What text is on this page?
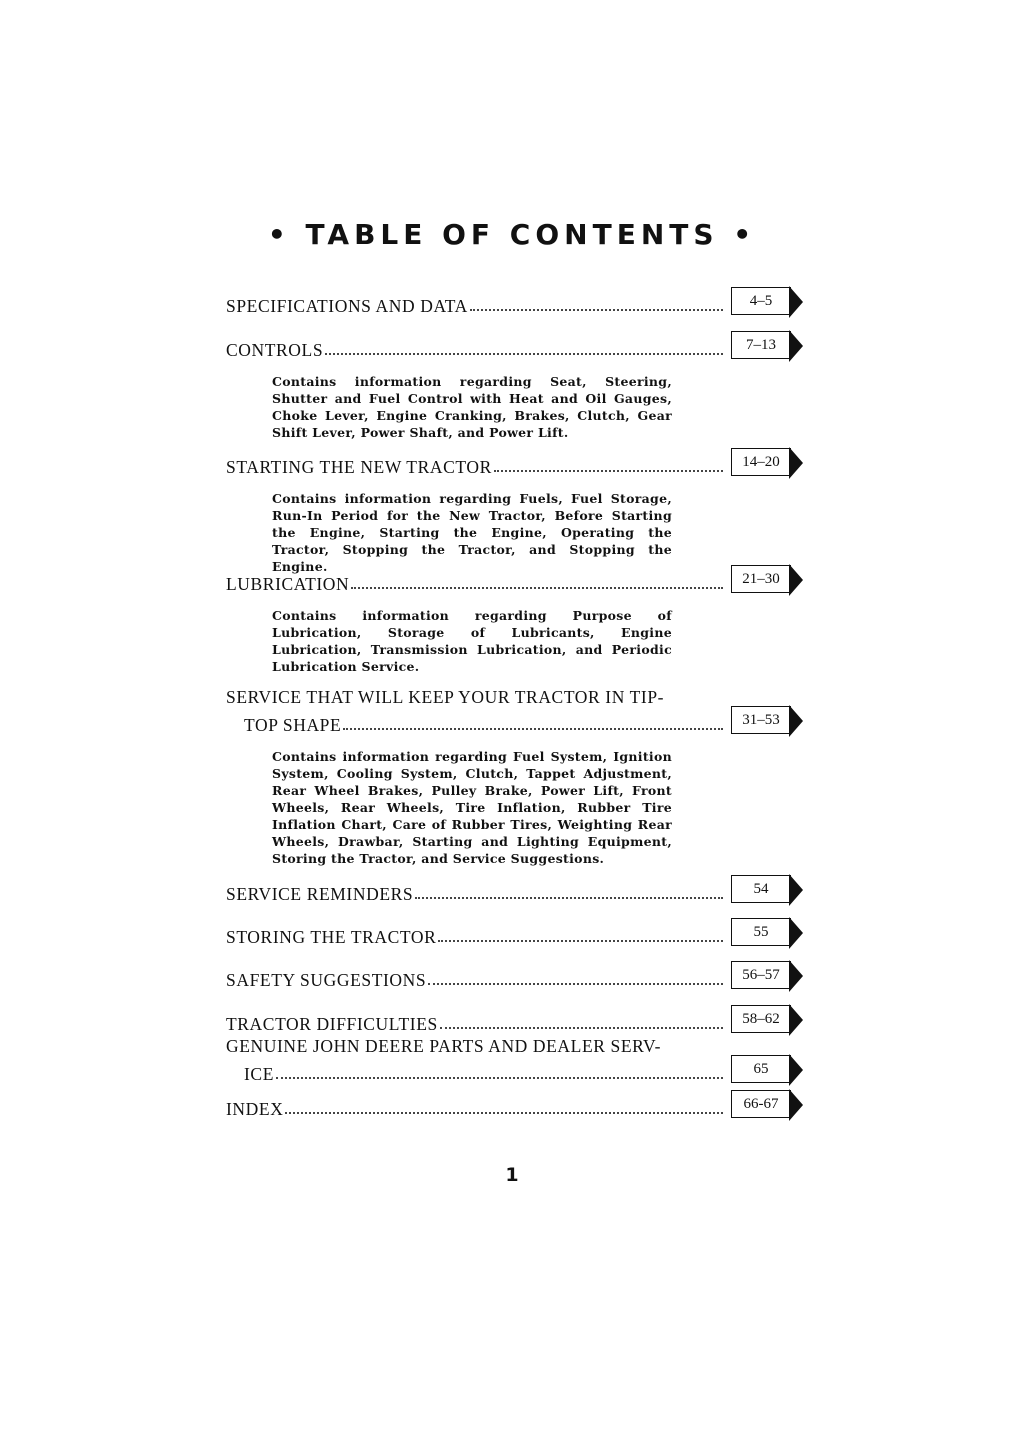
• TABLE OF CONTENTS •
SPECIFICATIONS AND DATA	4–5
CONTROLS	7–13
Contains information regarding Seat, Steering, Shutter and Fuel Control with Heat and Oil Gauges, Choke Lever, Engine Cranking, Brakes, Clutch, Gear Shift Lever, Power Shaft, and Power Lift.
STARTING THE NEW TRACTOR	14–20
Contains information regarding Fuels, Fuel Storage, Run-In Period for the New Tractor, Before Starting the Engine, Starting the Engine, Operating the Tractor, Stopping the Tractor, and Stopping the Engine.
LUBRICATION	21–30
Contains information regarding Purpose of Lubrication, Storage of Lubricants, Engine Lubrication, Transmission Lubrication, and Periodic Lubrication Service.
SERVICE THAT WILL KEEP YOUR TRACTOR IN TIP-
TOP SHAPE	31–53
Contains information regarding Fuel System, Ignition System, Cooling System, Clutch, Tappet Adjustment, Rear Wheel Brakes, Pulley Brake, Power Lift, Front Wheels, Rear Wheels, Tire Inflation, Rubber Tire Inflation Chart, Care of Rubber Tires, Weighting Rear Wheels, Drawbar, Starting and Lighting Equipment, Storing the Tractor, and Service Suggestions.
SERVICE REMINDERS	54
STORING THE TRACTOR	55
SAFETY SUGGESTIONS	56–57
TRACTOR DIFFICULTIES	58–62
GENUINE JOHN DEERE PARTS AND DEALER SERV-
ICE	65
INDEX	66-67
1
